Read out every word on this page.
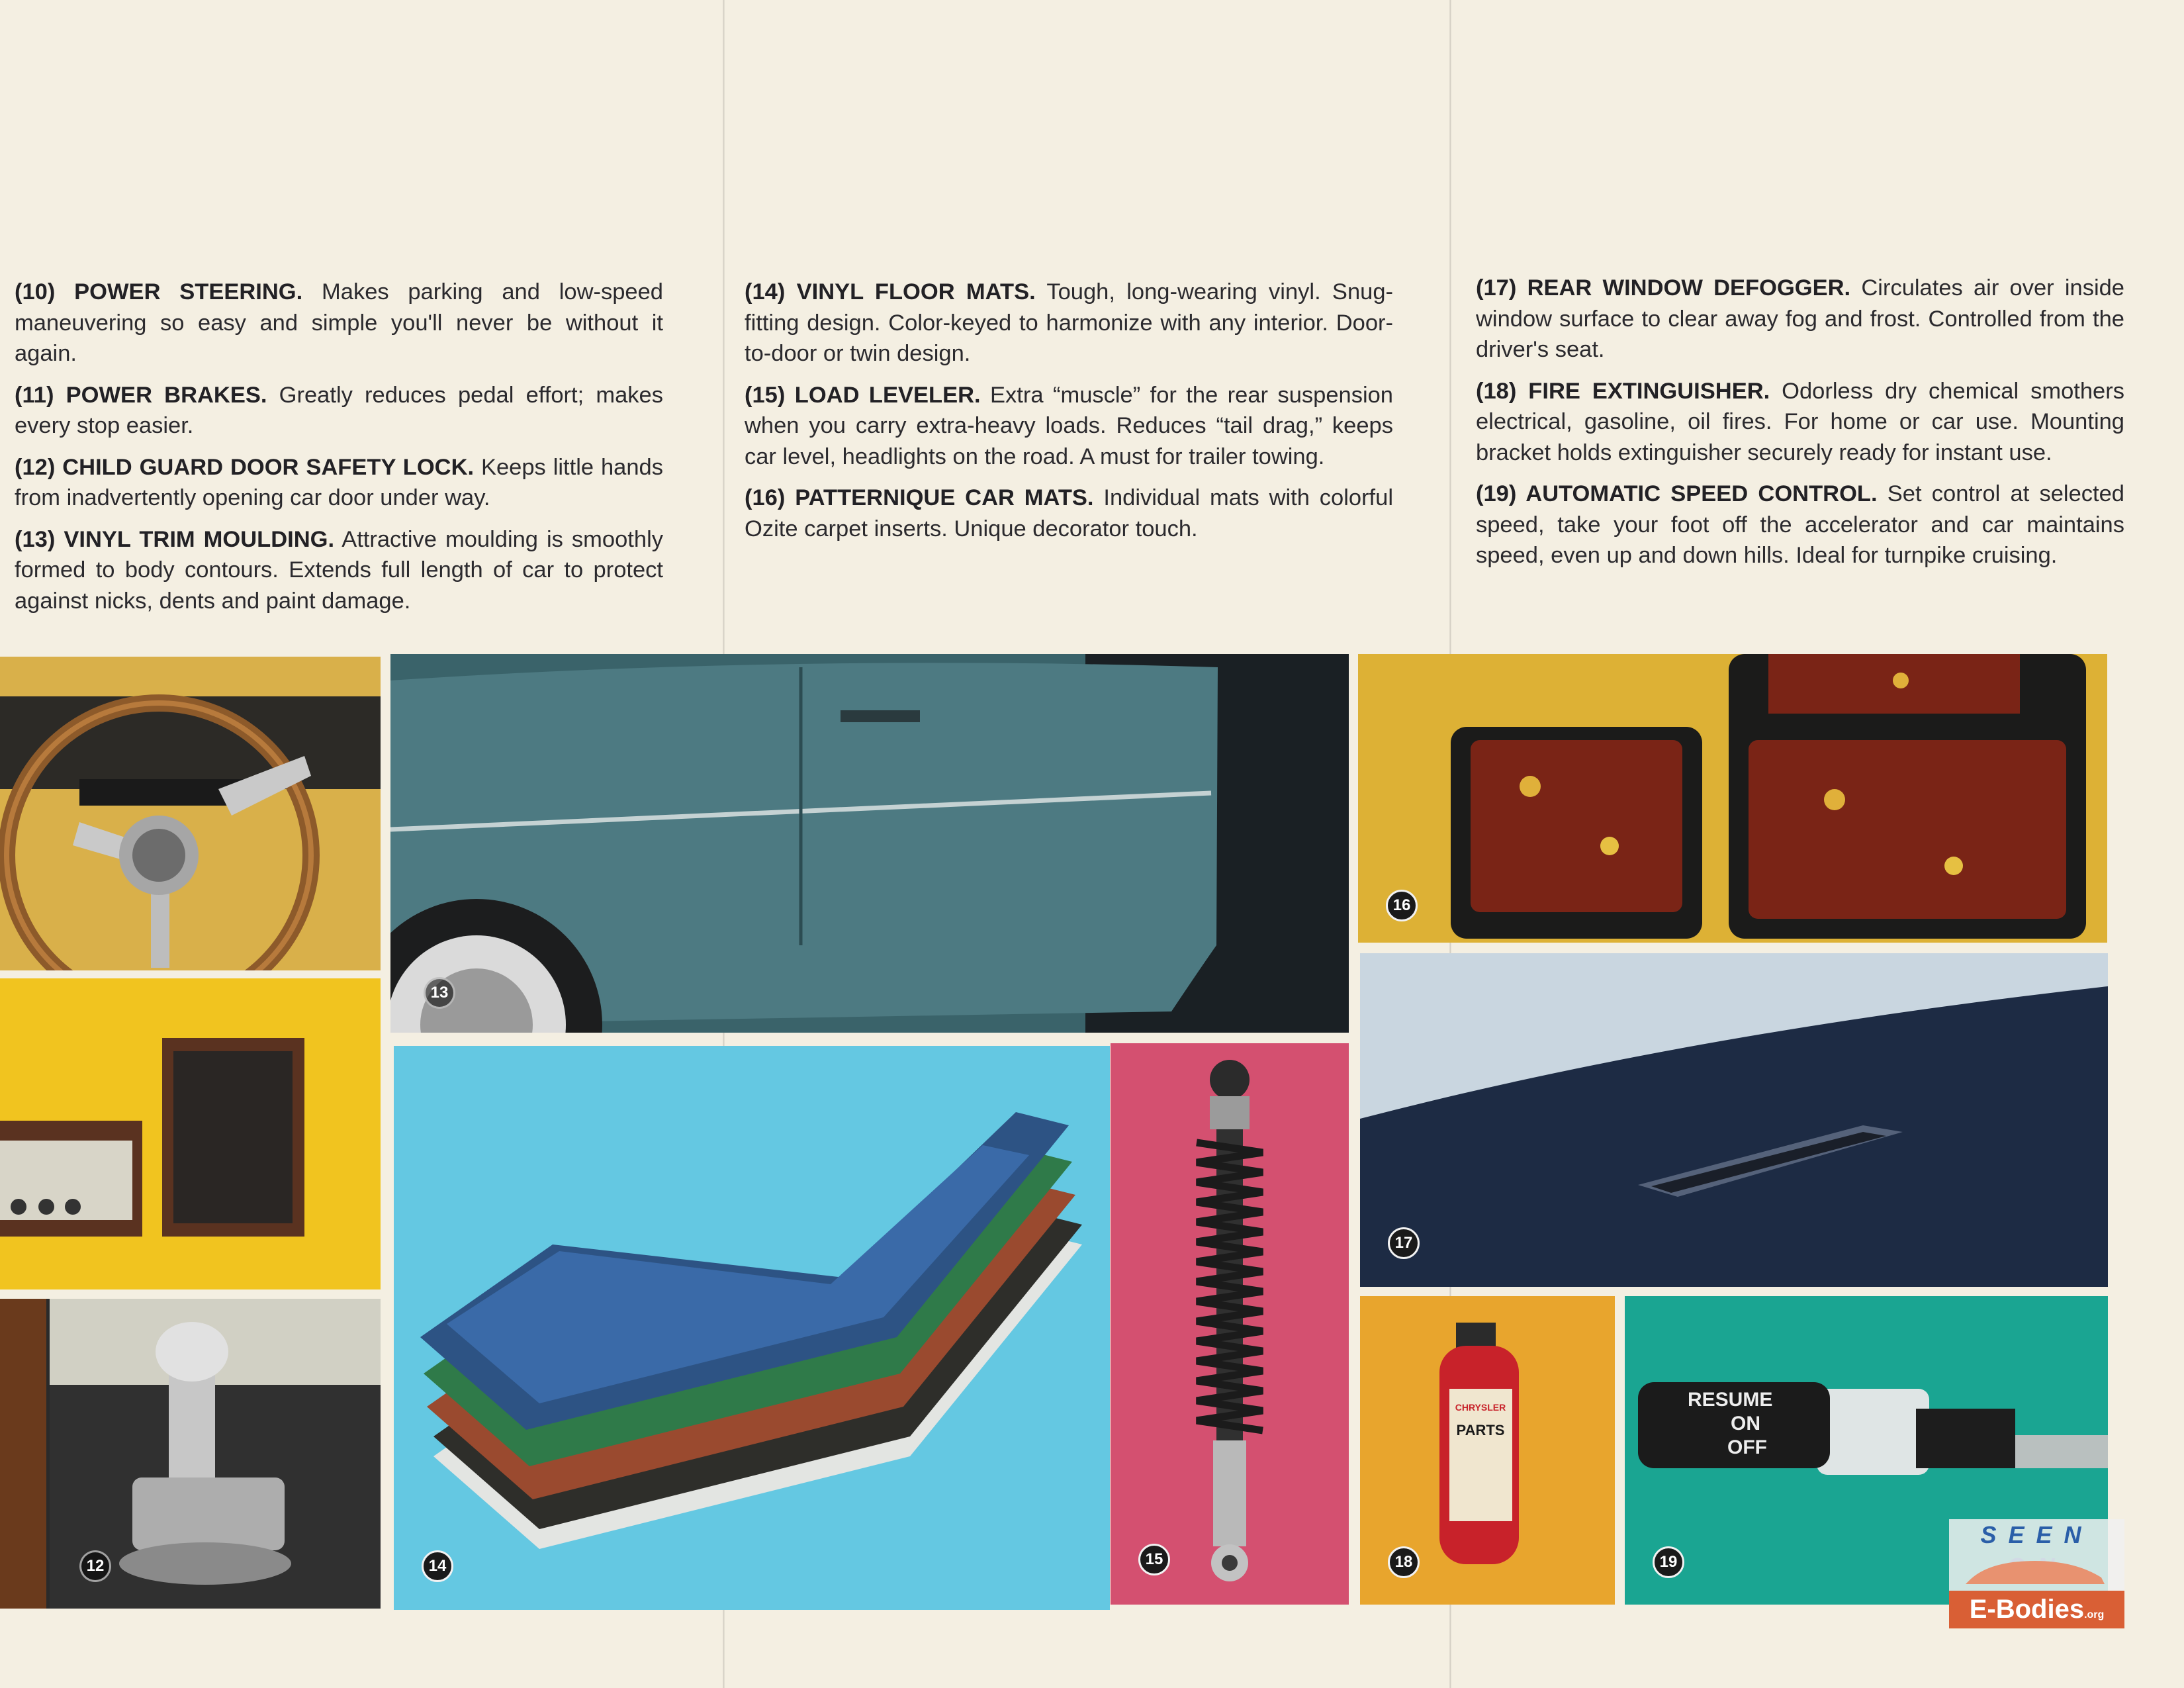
(10) POWER STEERING. Makes parking and low-speed maneuvering so easy and simple you'll never be without it again.

(11) POWER BRAKES. Greatly reduces pedal effort; makes every stop easier.

(12) CHILD GUARD DOOR SAFETY LOCK. Keeps little hands from inadvertently opening car door under way.

(13) VINYL TRIM MOULDING. Attractive moulding is smoothly formed to body contours. Extends full length of car to protect against nicks, dents and paint damage.

(14) VINYL FLOOR MATS. Tough, long-wearing vinyl. Snug-fitting design. Color-keyed to harmonize with any interior. Door-to-door or twin design.

(15) LOAD LEVELER. Extra “muscle” for the rear suspension when you carry extra-heavy loads. Reduces “tail drag,” keeps car level, headlights on the road. A must for trailer towing.

(16) PATTERNIQUE CAR MATS. Individual mats with colorful Ozite carpet inserts. Unique decorator touch.

(17) REAR WINDOW DEFOGGER. Circulates air over inside window surface to clear away fog and frost. Controlled from the driver's seat.

(18) FIRE EXTINGUISHER. Odorless dry chemical smothers electrical, gasoline, oil fires. For home or car use. Mounting bracket holds extinguisher securely ready for instant use.

(19) AUTOMATIC SPEED CONTROL. Set control at selected speed, take your foot off the accelerator and car maintains speed, even up and down hills. Ideal for turnpike cruising.

12
13
14	15
16
17
CHRYSLER
PARTS
18
RESUME
ON
OFF
19
SEEN
E-Bodies.org
